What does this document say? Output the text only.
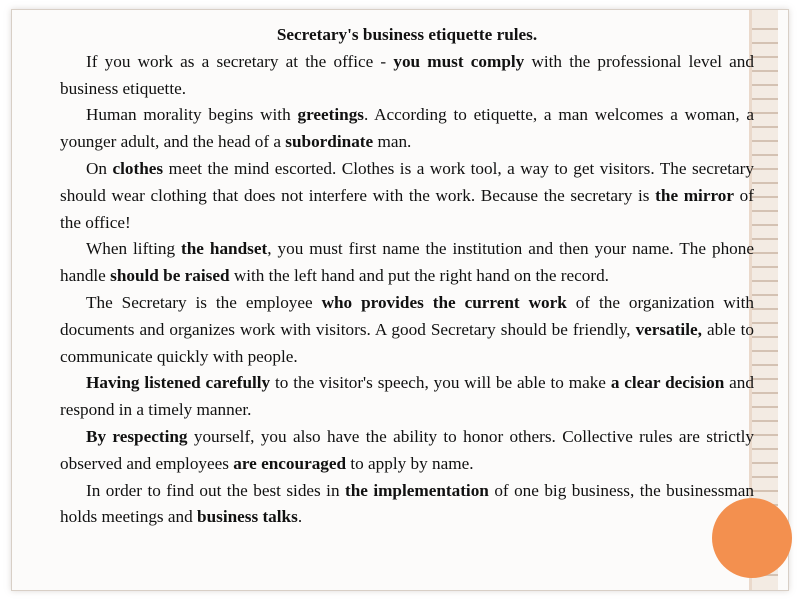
Secretary's business etiquette rules.

If you work as a secretary at the office - you must comply with the professional level and business etiquette.

Human morality begins with greetings. According to etiquette, a man welcomes a woman, a younger adult, and the head of a subordinate man.

On clothes meet the mind escorted. Clothes is a work tool, a way to get visitors. The secretary should wear clothing that does not interfere with the work. Because the secretary is the mirror of the office!

When lifting the handset, you must first name the institution and then your name. The phone handle should be raised with the left hand and put the right hand on the record.

The Secretary is the employee who provides the current work of the organization with documents and organizes work with visitors. A good Secretary should be friendly, versatile, able to communicate quickly with people.

Having listened carefully to the visitor's speech, you will be able to make a clear decision and respond in a timely manner.

By respecting yourself, you also have the ability to honor others. Collective rules are strictly observed and employees are encouraged to apply by name.

In order to find out the best sides in the implementation of one big business, the businessman holds meetings and business talks.
